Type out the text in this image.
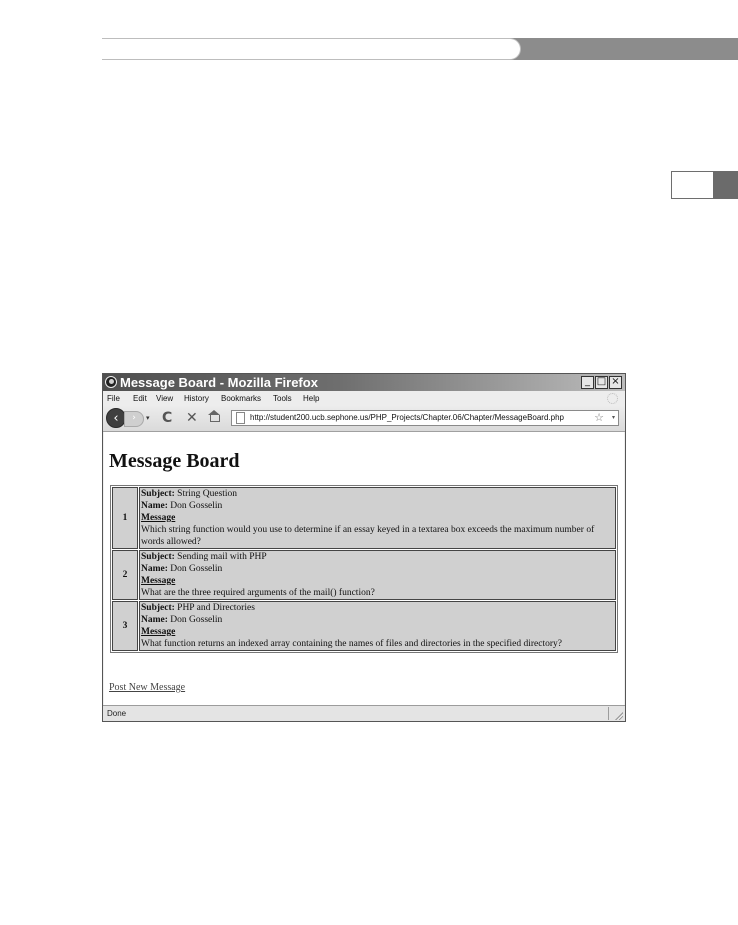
Message Board - Mozilla Firefox	_ □ ×
File Edit View History Bookmarks Tools Help
‹	›	▾ C ✕	http://student200.ucb.sephone.us/PHP_Projects/Chapter.06/Chapter/MessageBoard.php	☆ ▾
Message Board
1	Subject: String Question
Name: Don Gosselin
Message
Which string function would you use to determine if an essay keyed in a textarea box exceeds the maximum number of words allowed?
2	Subject: Sending mail with PHP
Name: Don Gosselin
Message
What are the three required arguments of the mail() function?
3	Subject: PHP and Directories
Name: Don Gosselin
Message
What function returns an indexed array containing the names of files and directories in the specified directory?
Post New Message
Done
